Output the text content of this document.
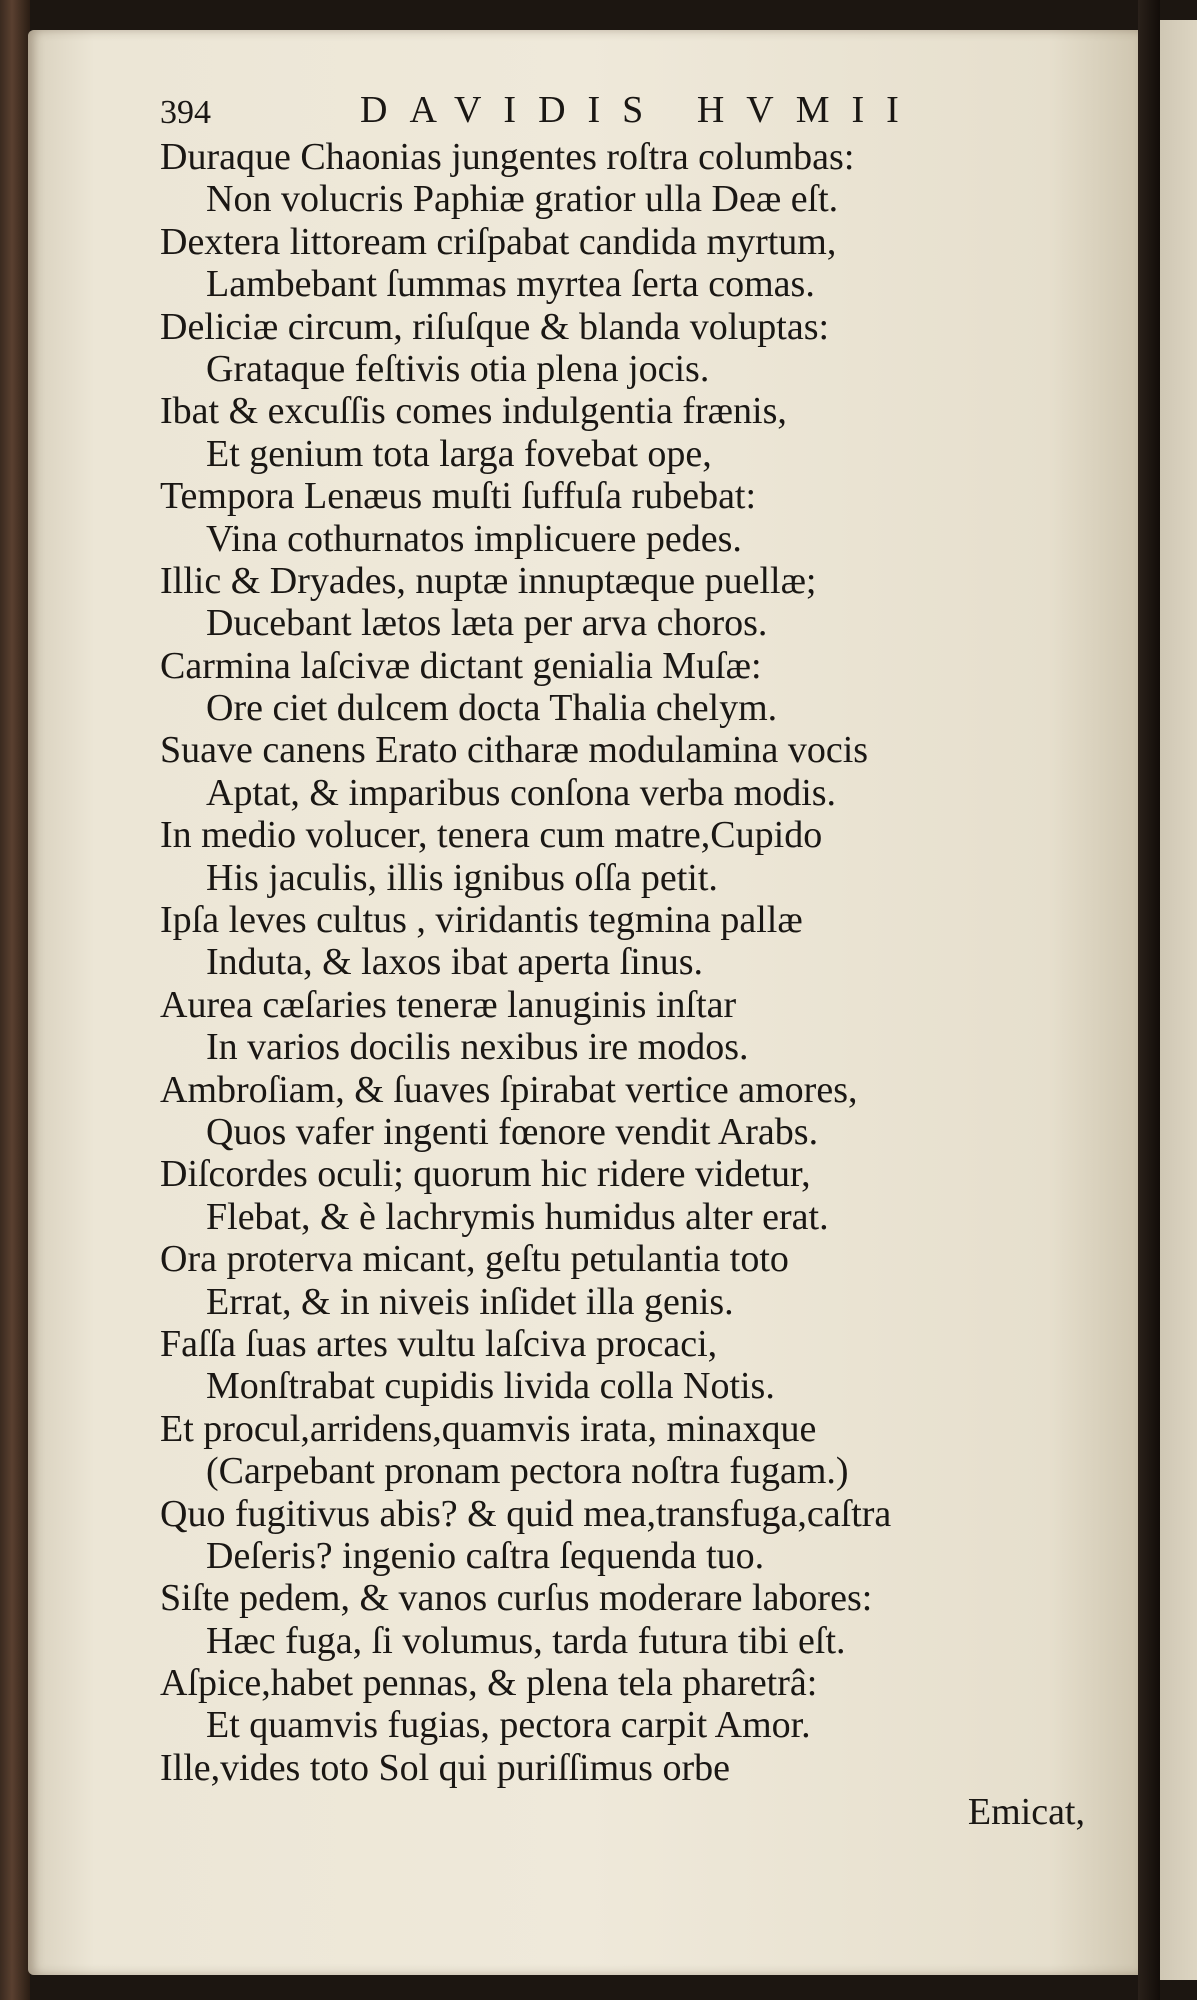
394	DAVIDIS HVMII
Duraque Chaonias jungentes roſtra columbas:
Non volucris Paphiæ gratior ulla Deæ eſt.
Dextera littoream criſpabat candida myrtum,
Lambebant ſummas myrtea ſerta comas.
Deliciæ circum, riſuſque & blanda voluptas:
Grataque feſtivis otia plena jocis.
Ibat & excuſſis comes indulgentia frænis,
Et genium tota larga fovebat ope,
Tempora Lenæus muſti ſuffuſa rubebat:
Vina cothurnatos implicuere pedes.
Illic & Dryades, nuptæ innuptæque puellæ;
Ducebant lætos læta per arva choros.
Carmina laſcivæ dictant genialia Muſæ:
Ore ciet dulcem docta Thalia chelym.
Suave canens Erato citharæ modulamina vocis
Aptat, & imparibus conſona verba modis.
In medio volucer, tenera cum matre,Cupido
His jaculis, illis ignibus oſſa petit.
Ipſa leves cultus , viridantis tegmina pallæ
Induta, & laxos ibat aperta ſinus.
Aurea cæſaries teneræ lanuginis inſtar
In varios docilis nexibus ire modos.
Ambroſiam, & ſuaves ſpirabat vertice amores,
Quos vafer ingenti fœnore vendit Arabs.
Diſcordes oculi; quorum hic ridere videtur,
Flebat, & è lachrymis humidus alter erat.
Ora proterva micant, geſtu petulantia toto
Errat, & in niveis inſidet illa genis.
Faſſa ſuas artes vultu laſciva procaci,
Monſtrabat cupidis livida colla Notis.
Et procul,arridens,quamvis irata, minaxque
(Carpebant pronam pectora noſtra fugam.)
Quo fugitivus abis? & quid mea,transfuga,caſtra
Deſeris? ingenio caſtra ſequenda tuo.
Siſte pedem, & vanos curſus moderare labores:
Hæc fuga, ſi volumus, tarda futura tibi eſt.
Aſpice,habet pennas, & plena tela pharetrâ:
Et quamvis fugias, pectora carpit Amor.
Ille,vides toto Sol qui puriſſimus orbe
Emicat,
